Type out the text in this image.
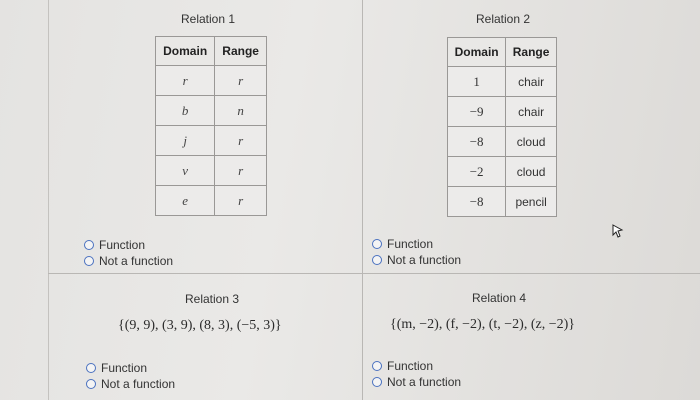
Relation 1
Domain	Range
r	r
b	n
j	r
v	r
e	r
Function
Not a function
Relation 2
Domain	Range
1	chair
−9	chair
−8	cloud
−2	cloud
−8	pencil
Function
Not a function
Relation 3
{(9, 9), (3, 9), (8, 3), (−5, 3)}
Function
Not a function
Relation 4
{(m, −2), (f, −2), (t, −2), (z, −2)}
Function
Not a function
